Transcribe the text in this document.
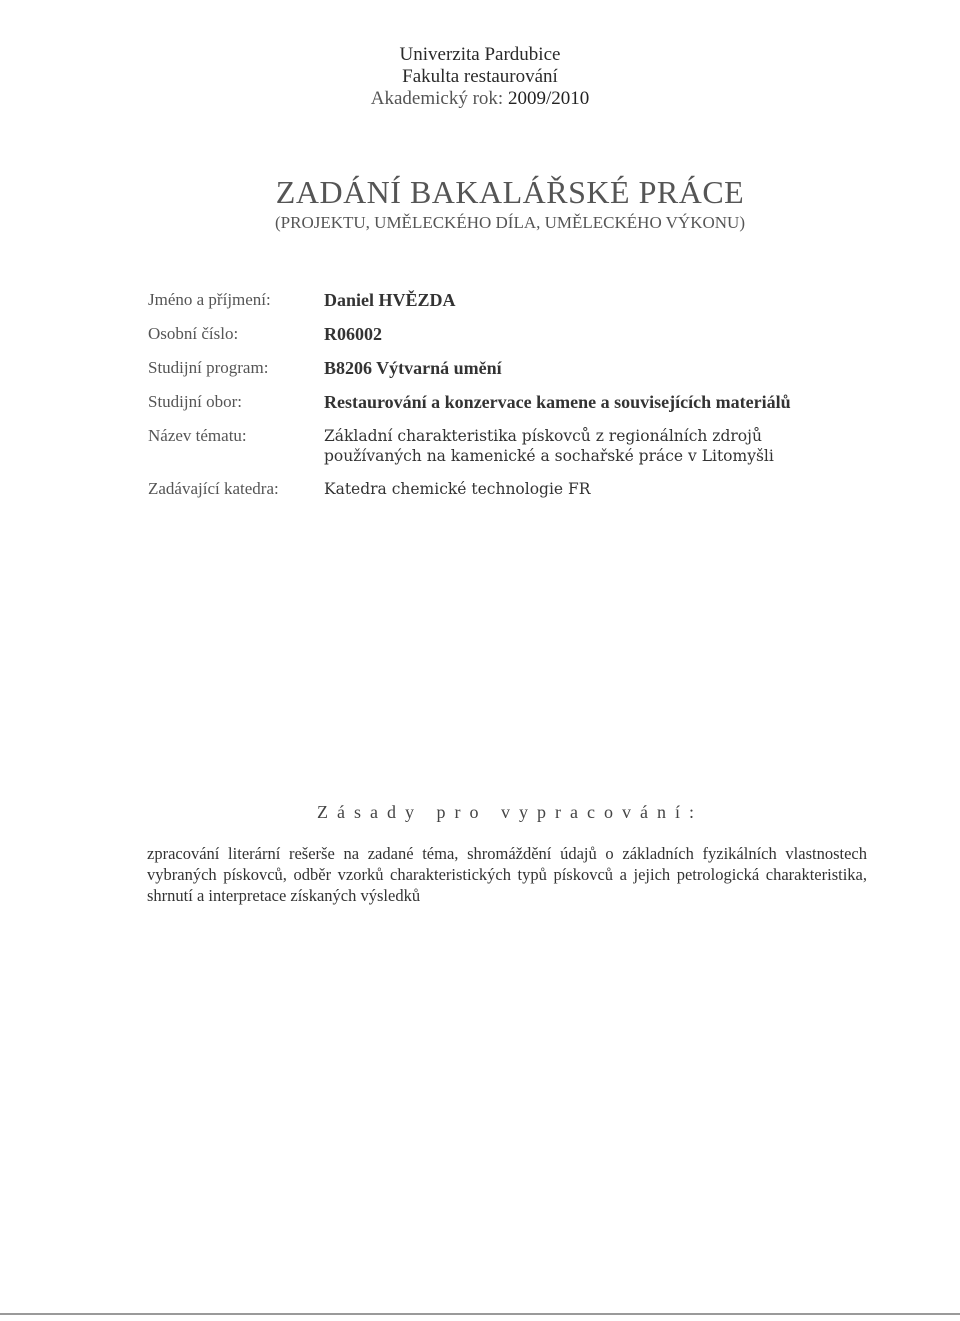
Univerzita Pardubice
Fakulta restaurování
Akademický rok: 2009/2010
ZADÁNÍ BAKALÁŘSKÉ PRÁCE
(PROJEKTU, UMĚLECKÉHO DÍLA, UMĚLECKÉHO VÝKONU)
Jméno a příjmení:	Daniel HVĚZDA
Osobní číslo:	R06002
Studijní program:	B8206 Výtvarná umění
Studijní obor:	Restaurování a konzervace kamene a souvisejících materiálů
Název tématu:	Základní charakteristika pískovců z regionálních zdrojů
používaných na kamenické a sochařské práce v Litomyšli
Zadávající katedra:	Katedra chemické technologie FR
Zásady pro vypracování:
zpracování literární rešerše na zadané téma, shromáždění údajů o základních fyzikálních vlastnostech vybraných pískovců, odběr vzorků charakteristických typů pískovců a jejich petrologická charakteristika, shrnutí a interpretace získaných výsledků
